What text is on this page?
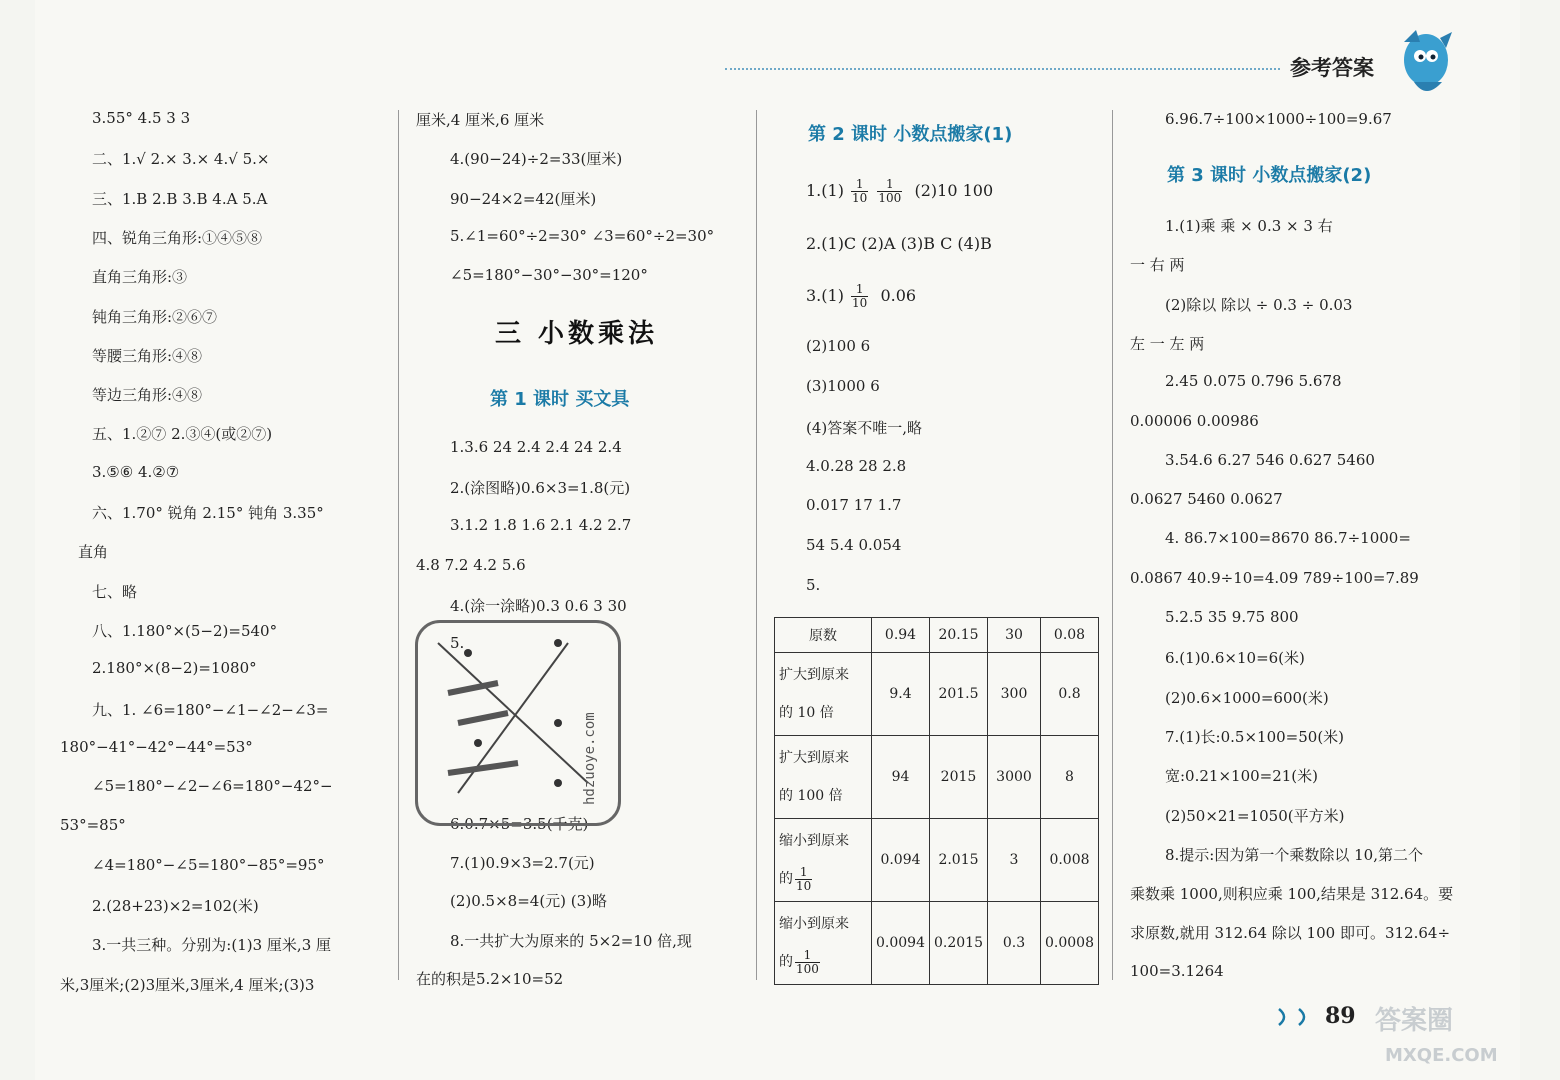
参考答案
3.55° 4.5 3 3
二、1.√ 2.× 3.× 4.√ 5.×
三、1.B 2.B 3.B 4.A 5.A
四、锐角三角形:①④⑤⑧
直角三角形:③
钝角三角形:②⑥⑦
等腰三角形:④⑧
等边三角形:④⑧
五、1.②⑦ 2.③④(或②⑦)
3.⑤⑥ 4.②⑦
六、1.70° 锐角 2.15° 钝角 3.35°
直角
七、略
八、1.180°×(5−2)=540°
2.180°×(8−2)=1080°
九、1. ∠6=180°−∠1−∠2−∠3=
180°−41°−42°−44°=53°
∠5=180°−∠2−∠6=180°−42°−
53°=85°
∠4=180°−∠5=180°−85°=95°
2.(28+23)×2=102(米)
3.一共三种。分别为:(1)3 厘米,3 厘
米,3厘米;(2)3厘米,3厘米,4 厘米;(3)3
厘米,4 厘米,6 厘米
4.(90−24)÷2=33(厘米)
90−24×2=42(厘米)
5.∠1=60°÷2=30° ∠3=60°÷2=30°
∠5=180°−30°−30°=120°
三 小数乘法
第 1 课时 买文具
1.3.6 24 2.4 2.4 24 2.4
2.(涂图略)0.6×3=1.8(元)
3.1.2 1.8 1.6 2.1 4.2 2.7
4.8 7.2 4.2 5.6
4.(涂一涂略)0.3 0.6 3 30
5.
6.0.7×5=3.5(千克)
7.(1)0.9×3=2.7(元)
(2)0.5×8=4(元) (3)略
8.一共扩大为原来的 5×2=10 倍,现
在的积是5.2×10=52
hdzuoye.com
第 2 课时 小数点搬家(1)
$1.(1) \frac{1}{10}$
$\frac{1}{100} (2)10$ 100
2.(1)C (2)A (3)B C (4)B
$3.(1) \frac{1}{10} 0.06$
(2)100 6
(3)1000 6
(4)答案不唯一,略
4.0.28 28 2.8
0.017 17 1.7
54 5.4 0.054
5.
原数	0.94	20.15	30	0.08
扩大到原来
的 10 倍	9.4	201.5	300	0.8
扩大到原来
的 100 倍	94	2015	3000	8
缩小到原来
的 $\frac{1}{10}$	0.094	2.015	3	0.008
缩小到原来
的 $\frac{1}{100}$	0.0094	0.2015	0.3	0.0008
6.96.7÷100×1000÷100=9.67
第 3 课时 小数点搬家(2)
1.(1)乘 乘 × 0.3 × 3 右
一 右 两
(2)除以 除以 ÷ 0.3 ÷ 0.03
左 一 左 两
2.45 0.075 0.796 5.678
0.00006 0.00986
3.54.6 6.27 546 0.627 5460
0.0627 5460 0.0627
4. 86.7×100=8670 86.7÷1000=
0.0867 40.9÷10=4.09 789÷100=7.89
5.2.5 35 9.75 800
6.(1)0.6×10=6(米)
(2)0.6×1000=600(米)
7.(1)长:0.5×100=50(米)
宽:0.21×100=21(米)
(2)50×21=1050(平方米)
8.提示:因为第一个乘数除以 10,第二个
乘数乘 1000,则积应乘 100,结果是 312.64。要
求原数,就用 312.64 除以 100 即可。312.64÷
100=3.1264
89 答案圈
MXQE.COM
